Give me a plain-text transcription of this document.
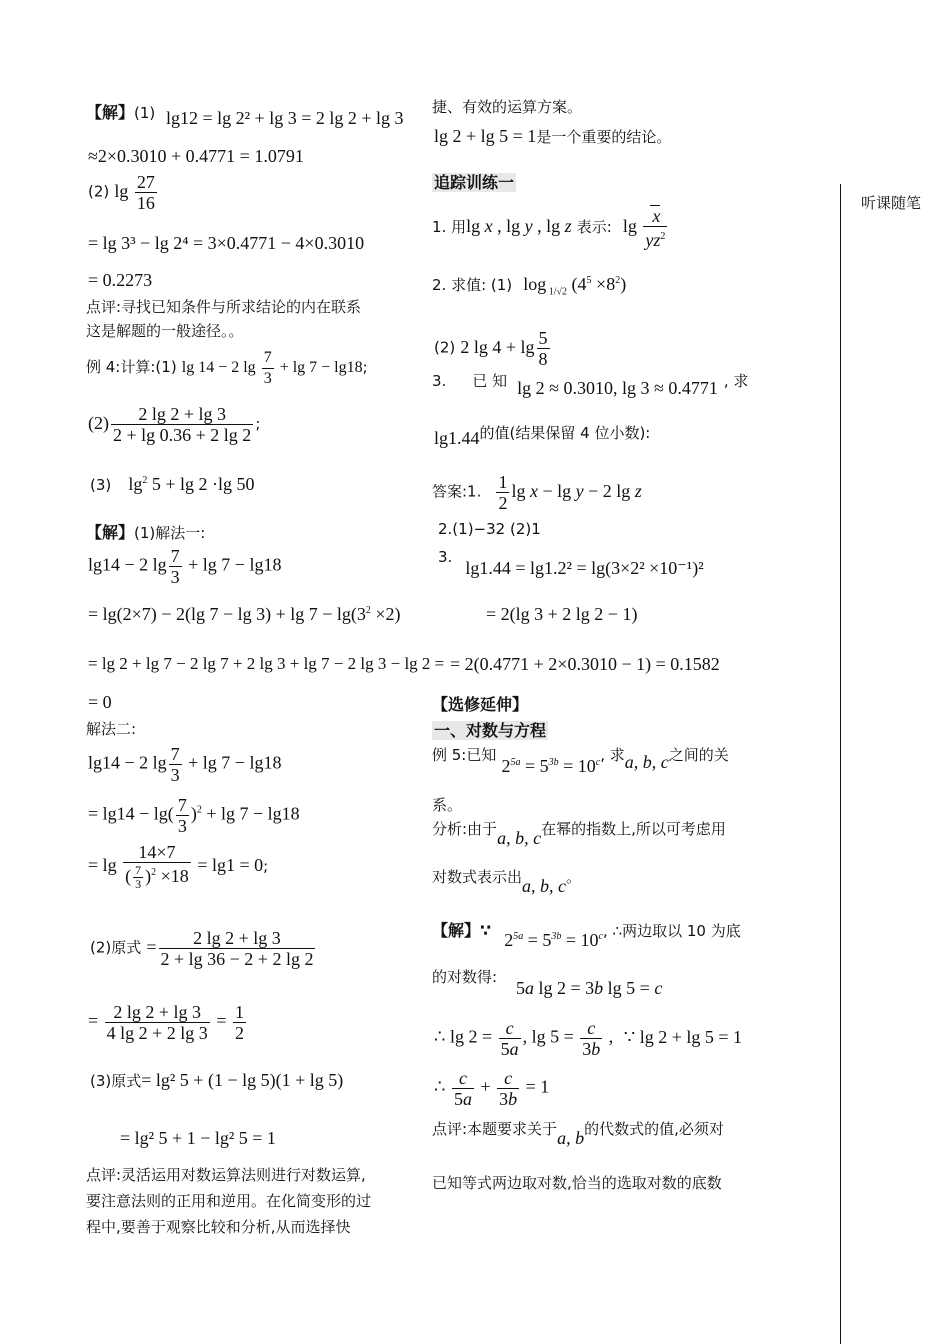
【解】(1) lg12 = lg 2² + lg 3 = 2 lg 2 + lg 3
≈2×0.3010 + 0.4771 = 1.0791
(2) $\lg \frac{27}{16}$
= lg 3³ − lg 2⁴ = 3×0.4771 − 4×0.3010
= 0.2273
点评:寻找已知条件与所求结论的内在联系
这是解题的一般途径。。
例 4:计算:(1) lg 14 − 2 $\lg \frac{7}{3} + \lg 7 - \lg 18$;
$(2) \frac{2 \lg 2 + \lg 3}{2 + \lg 0.36 + 2 \lg 2}$ ;
(3) $\lg^2 5 + \lg 2 \cdot\lg$ 50
【解】(1)解法一:
lg14 − 2 $\lg \frac{7}{3} + \lg 7 - \lg 18$
= lg(2×7) − 2(lg $7 - \lg 3) + \lg 7 - \lg(3^2 \times 2)$
= lg 2 + lg 7 − 2 lg 7 + 2 lg 3 + lg 7 − 2 lg 3 − lg 2 =
= 0
解法二:
lg14 − 2 $\lg \frac{7}{3} + \lg 7 - \lg 18$
= $\lg 14 - \lg( \frac{7}{3} )^2 + \lg 7 - \lg 18$
= $\lg \frac{14\times 7}{( \frac{7}{3} )^2 \times 18} = \lg 1 = 0$;
(2)原式 = $\frac{2 \lg 2 + \lg 3}{2 + \lg 36 - 2 + 2 \lg 2}$
= $\frac{2 \lg 2 + \lg 3}{4 \lg 2 + 2 \lg 3} = \frac{1}{2}$
(3)原式= lg² 5 + (1 − lg 5)(1 + lg 5)
= lg² 5 + 1 − lg² 5 = 1
点评:灵活运用对数运算法则进行对数运算,
要注意法则的正用和逆用。在化简变形的过
程中,要善于观察比较和分析,从而选择快
捷、有效的运算方案。
lg 2 + lg 5 = 1是一个重要的结论。
追踪训练一
1. 用lg x , lg y , lg z 表示: $\lg \frac{x}{yz^2}$
2. 求值: (1) log $_{1/√2}$ $(4^5 \times 8^2)$
(2) 2 $\lg 4 + \lg \frac{5}{8}$
3. 已 知 lg 2 ≈ 0.3010, lg 3 ≈ 0.4771 , 求
lg1.44的值(结果保留 4 位小数):
答案:1. $\frac{1}{2}$ lg x − lg y − 2 lg z
2.(1)−32 (2)1
3. lg1.44 = lg1.2² = lg(3×2² ×10⁻¹)²
= 2(lg 3 + 2 lg 2 − 1)
= 2(0.4771 + 2×0.3010 − 1) = 0.1582
【选修延伸】
一、对数与方程
例 5:已知 $2^{5a} = 5^{3b} = 10^c$, 求a, b, c之间的关
系。
分析:由于a, b, c在幂的指数上,所以可考虑用
对数式表示出a, b, c。
【解】∵ $2^{5a} = 5^{3b} = 10^c$, ∴两边取以 10 为底
的对数得:
5a lg 2 = 3b lg 5 = c
∴ $\lg 2 = \frac{c}{5a}$ , $\lg 5 = \frac{c}{3b}$ , ∵ lg 2 + lg 5 = 1
∴ $\frac{c}{5a} + \frac{c}{3b} = 1$
点评:本题要求关于a, b的代数式的值,必须对
已知等式两边取对数,恰当的选取对数的底数
听课随笔
